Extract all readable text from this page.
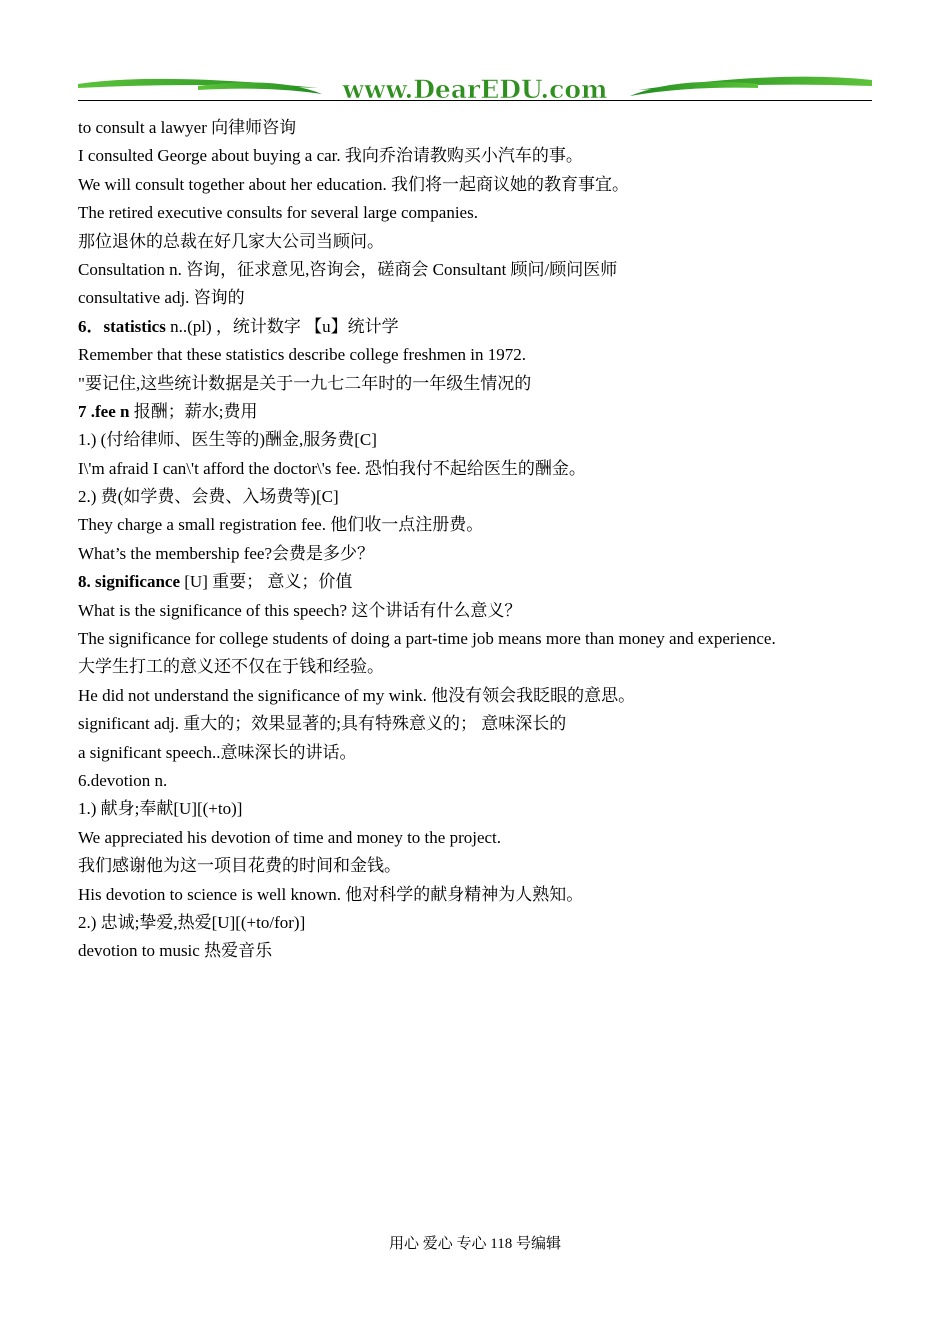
www.DearEDU.com
to consult a lawyer 向律师咨询
I consulted George about buying a car. 我向乔治请教购买小汽车的事。
We will consult together about her education. 我们将一起商议她的教育事宜。
The retired executive consults for several large companies.
那位退休的总裁在好几家大公司当顾问。
Consultation n. 咨询，征求意见,咨询会，磋商会 Consultant 顾问/顾问医师
consultative adj. 咨询的
6．statistics n..(pl) ，统计数字 【u】统计学
Remember that these statistics describe college freshmen in 1972.
"要记住,这些统计数据是关于一九七二年时的一年级生情况的
7 .fee n 报酬；薪水;费用
1.) (付给律师、医生等的)酬金,服务费[C]
I\'m afraid I can\'t afford the doctor\'s fee. 恐怕我付不起给医生的酬金。
2.) 费(如学费、会费、入场费等)[C]
They charge a small registration fee. 他们收一点注册费。
What’s the membership fee?会费是多少？
8. significance [U] 重要； 意义；价值
What is the significance of this speech? 这个讲话有什么意义？
The significance for college students of doing a part-time job means more than money and experience.
大学生打工的意义还不仅在于钱和经验。
He did not understand the significance of my wink. 他没有领会我眨眼的意思。
significant adj. 重大的；效果显著的;具有特殊意义的； 意味深长的
a significant speech..意味深长的讲话。
6.devotion n.
1.) 献身;奉献[U][(+to)]
We appreciated his devotion of time and money to the project.
我们感谢他为这一项目花费的时间和金钱。
His devotion to science is well known. 他对科学的献身精神为人熟知。
2.) 忠诚;挚爱,热爱[U][(+to/for)]
devotion to music 热爱音乐
用心 爱心 专心 118 号编辑
